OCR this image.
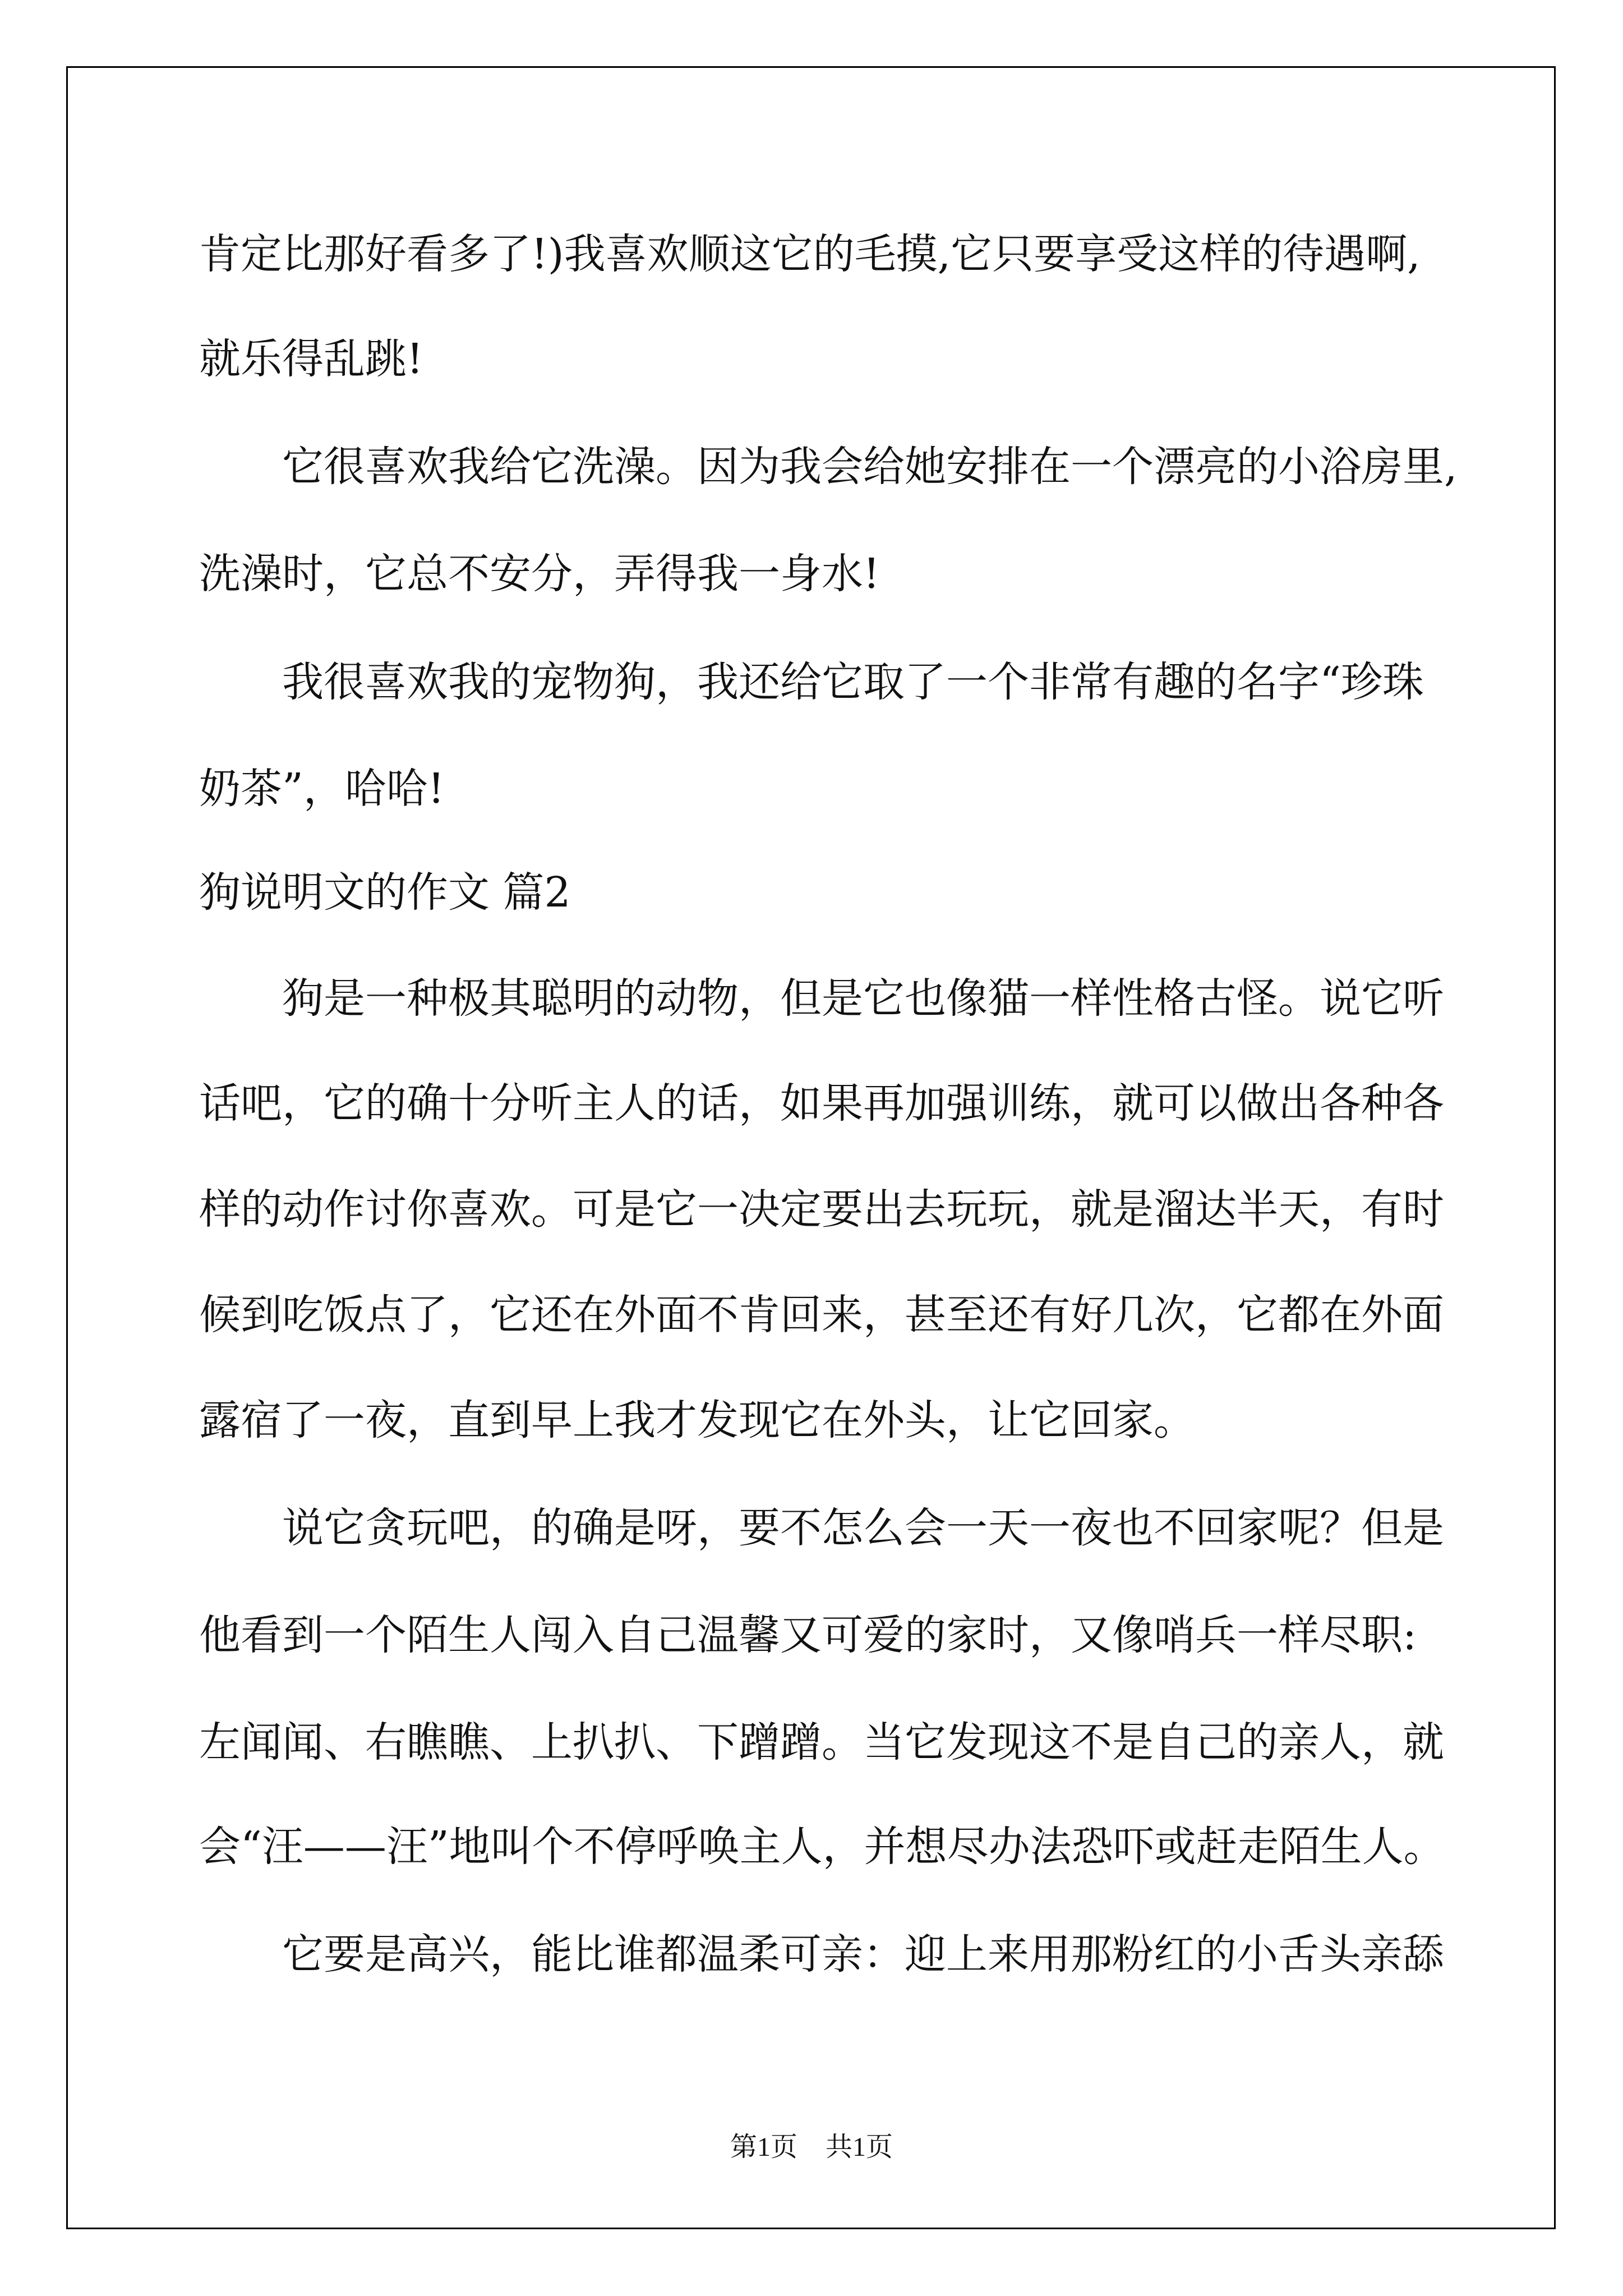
肯定比那好看多了!)我喜欢顺这它的毛摸,它只要享受这样的待遇啊,
就乐得乱跳!
它很喜欢我给它洗澡。因为我会给她安排在一个漂亮的小浴房里,
洗澡时，它总不安分，弄得我一身水!
我很喜欢我的宠物狗，我还给它取了一个非常有趣的名字“珍珠
奶茶”，哈哈!
狗说明文的作文 篇2
狗是一种极其聪明的动物，但是它也像猫一样性格古怪。说它听
话吧，它的确十分听主人的话，如果再加强训练，就可以做出各种各
样的动作讨你喜欢。可是它一决定要出去玩玩，就是溜达半天，有时
候到吃饭点了，它还在外面不肯回来，甚至还有好几次，它都在外面
露宿了一夜，直到早上我才发现它在外头，让它回家。
说它贪玩吧，的确是呀，要不怎么会一天一夜也不回家呢？但是
他看到一个陌生人闯入自己温馨又可爱的家时，又像哨兵一样尽职:
左闻闻、右瞧瞧、上扒扒、下蹭蹭。当它发现这不是自己的亲人，就
会“汪——汪”地叫个不停呼唤主人，并想尽办法恐吓或赶走陌生人。
它要是高兴，能比谁都温柔可亲：迎上来用那粉红的小舌头亲舔
第1页 共1页
